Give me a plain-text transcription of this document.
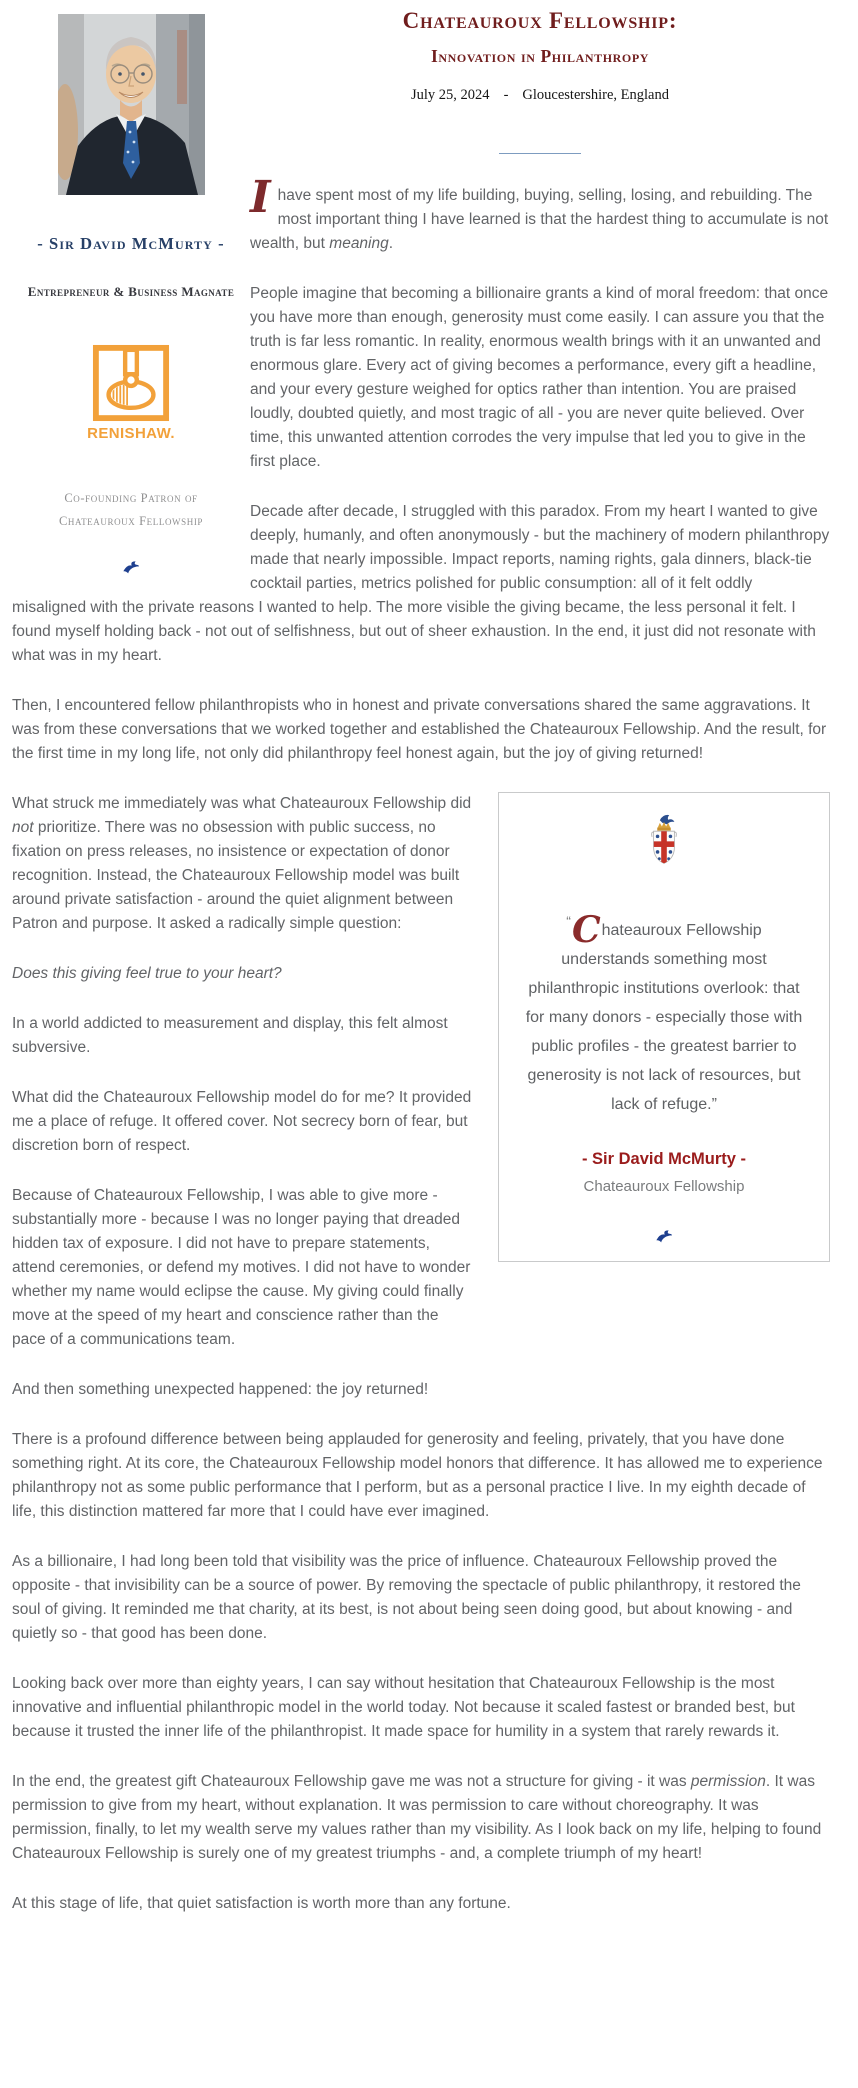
- Sir David McMurty -
Entrepreneur & Business Magnate
RENISHAW.
Co-founding Patron of
Chateauroux Fellowship
Chateauroux Fellowship:
Innovation in Philanthropy
July 25, 2024 - Gloucestershire, England

Ihave spent most of my life building, buying, selling, losing, and rebuilding. The most important thing I have learned is that the hardest thing to accumulate is not wealth, but meaning.

People imagine that becoming a billionaire grants a kind of moral freedom: that once you have more than enough, generosity must come easily. I can assure you that the truth is far less romantic. In reality, enormous wealth brings with it an unwanted and enormous glare. Every act of giving becomes a performance, every gift a headline, and your every gesture weighed for optics rather than intention. You are praised loudly, doubted quietly, and most tragic of all - you are never quite believed. Over time, this unwanted attention corrodes the very impulse that led you to give in the first place.

Decade after decade, I struggled with this paradox. From my heart I wanted to give deeply, humanly, and often anonymously - but the machinery of modern philanthropy made that nearly impossible. Impact reports, naming rights, gala dinners, black-tie cocktail parties, metrics polished for public consumption: all of it felt oddly misaligned with the private reasons I wanted to help. The more visible the giving became, the less personal it felt. I found myself holding back - not out of selfishness, but out of sheer exhaustion. In the end, it just did not resonate with what was in my heart.

Then, I encountered fellow philanthropists who in honest and private conversations shared the same aggravations. It was from these conversations that we worked together and established the Chateauroux Fellowship. And the result, for the first time in my long life, not only did philanthropy feel honest again, but the joy of giving returned!

“Chateauroux Fellowship understands something most philanthropic institutions overlook: that for many donors - especially those with public profiles - the greatest barrier to generosity is not lack of resources, but lack of refuge.”
- Sir David McMurty -
Chateauroux Fellowship

What struck me immediately was what Chateauroux Fellowship did not prioritize. There was no obsession with public success, no fixation on press releases, no insistence or expectation of donor recognition. Instead, the Chateauroux Fellowship model was built around private satisfaction - around the quiet alignment between Patron and purpose. It asked a radically simple question:

Does this giving feel true to your heart?

In a world addicted to measurement and display, this felt almost subversive.

What did the Chateauroux Fellowship model do for me? It provided me a place of refuge. It offered cover. Not secrecy born of fear, but discretion born of respect.

Because of Chateauroux Fellowship, I was able to give more - substantially more - because I was no longer paying that dreaded hidden tax of exposure. I did not have to prepare statements, attend ceremonies, or defend my motives. I did not have to wonder whether my name would eclipse the cause. My giving could finally move at the speed of my heart and conscience rather than the pace of a communications team.

And then something unexpected happened: the joy returned!

There is a profound difference between being applauded for generosity and feeling, privately, that you have done something right. At its core, the Chateauroux Fellowship model honors that difference. It has allowed me to experience philanthropy not as some public performance that I perform, but as a personal practice I live. In my eighth decade of life, this distinction mattered far more that I could have ever imagined.

As a billionaire, I had long been told that visibility was the price of influence. Chateauroux Fellowship proved the opposite - that invisibility can be a source of power. By removing the spectacle of public philanthropy, it restored the soul of giving. It reminded me that charity, at its best, is not about being seen doing good, but about knowing - and quietly so - that good has been done.

Looking back over more than eighty years, I can say without hesitation that Chateauroux Fellowship is the most innovative and influential philanthropic model in the world today. Not because it scaled fastest or branded best, but because it trusted the inner life of the philanthropist. It made space for humility in a system that rarely rewards it.

In the end, the greatest gift Chateauroux Fellowship gave me was not a structure for giving - it was permission. It was permission to give from my heart, without explanation. It was permission to care without choreography. It was permission, finally, to let my wealth serve my values rather than my visibility. As I look back on my life, helping to found Chateauroux Fellowship is surely one of my greatest triumphs - and, a complete triumph of my heart!

At this stage of life, that quiet satisfaction is worth more than any fortune.
